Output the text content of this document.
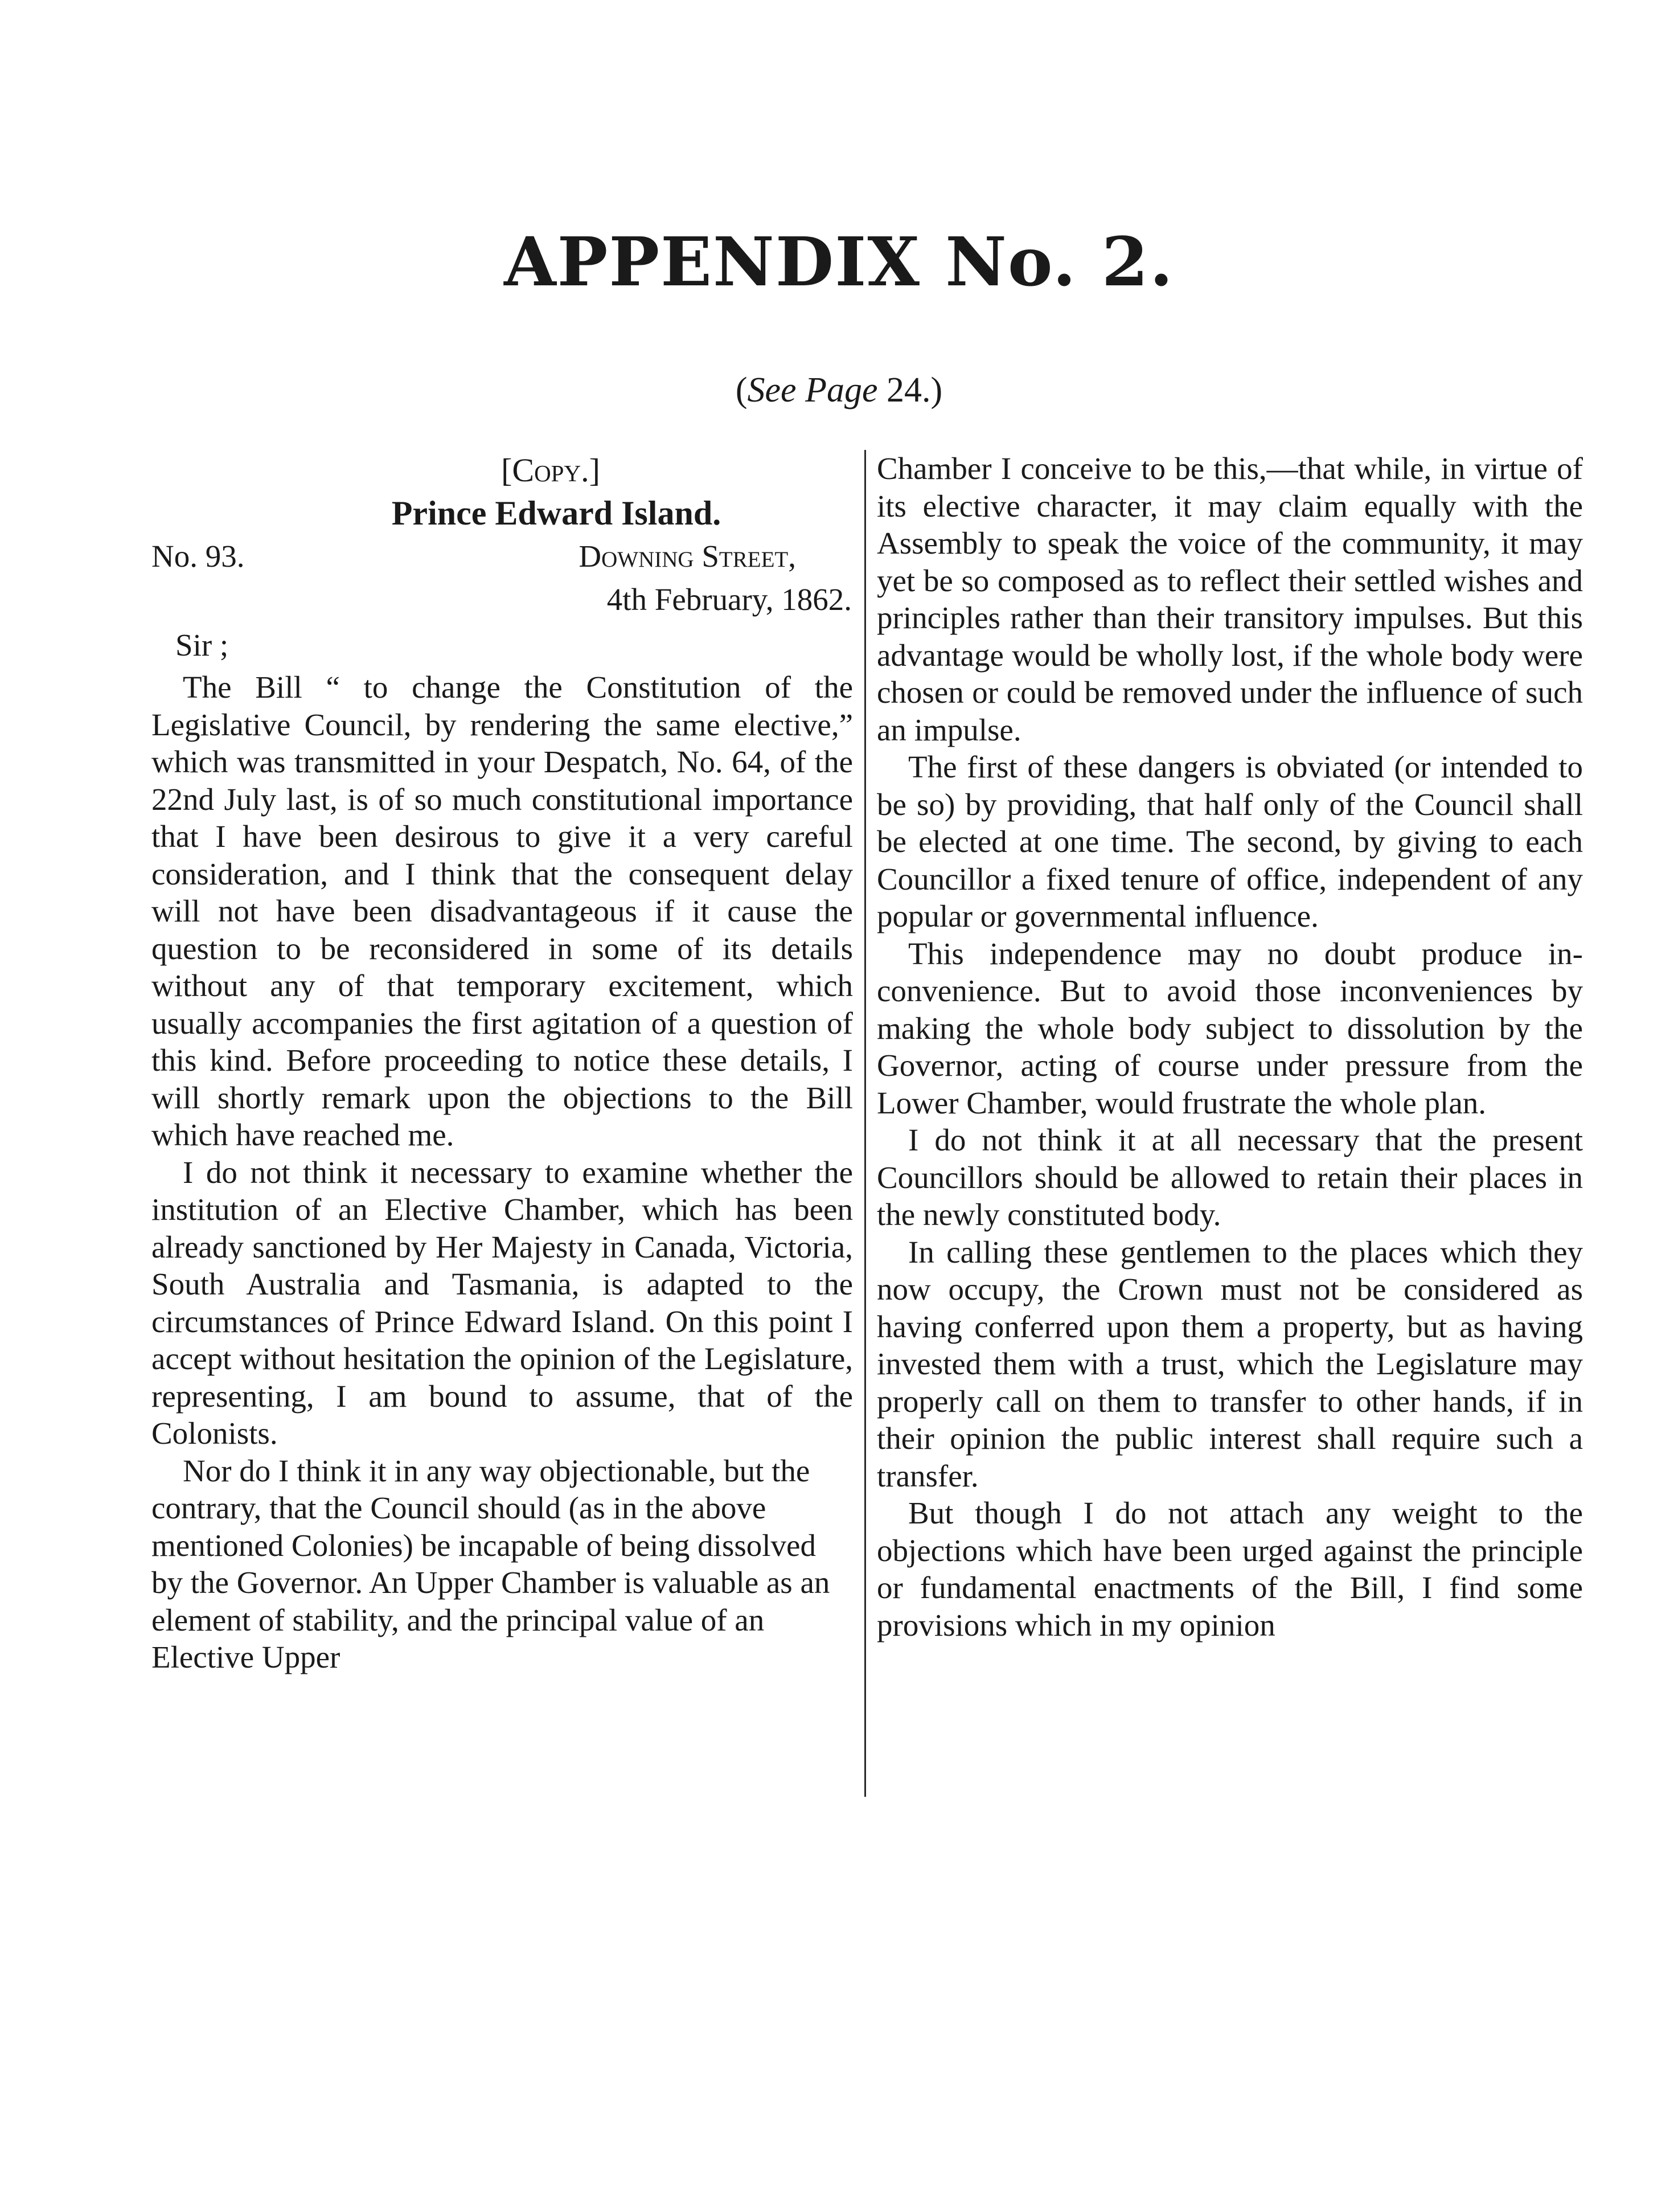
APPENDIX No. 2.

(See Page 24.)

[Copy.]

Prince Edward Island.

No. 93.	Downing Street,

4th February, 1862.

Sir ;

The Bill “ to change the Constitution of the Legislative Council, by rendering the same elective,” which was transmitted in your Despatch, No. 64, of the 22nd July last, is of so much constitutional importance that I have been desirous to give it a very careful consideration, and I think that the consequent delay will not have been disadvantageous if it cause the question to be reconsidered in some of its details without any of that temporary excitement, which usually accompanies the first agitation of a question of this kind. Before proceeding to notice these details, I will shortly remark upon the objections to the Bill which have reached me.

I do not think it necessary to examine whether the institution of an Elective Chamber, which has been already sanctioned by Her Majesty in Canada, Victoria, South Australia and Tasmania, is adapted to the circumstances of Prince Edward Island. On this point I accept without hesitation the opinion of the Legislature, representing, I am bound to assume, that of the Colonists.

Nor do I think it in any way objectionable, but the contrary, that the Council should (as in the above mentioned Colonies) be incapable of being dissolved by the Governor. An Upper Chamber is valuable as an element of stability, and the principal value of an Elective Upper

Chamber I conceive to be this,—that while, in virtue of its elective character, it may claim equally with the Assembly to speak the voice of the community, it may yet be so composed as to reflect their settled wishes and principles rather than their transitory impulses. But this advantage would be wholly lost, if the whole body were chosen or could be removed under the influence of such an impulse.

The first of these dangers is obviated (or intended to be so) by providing, that half only of the Council shall be elected at one time. The second, by giving to each Councillor a fixed tenure of office, independent of any popular or governmental influence.

This independence may no doubt produce inconvenience. But to avoid those inconveniences by making the whole body subject to dissolution by the Governor, acting of course under pressure from the Lower Chamber, would frustrate the whole plan.

I do not think it at all necessary that the present Councillors should be allowed to retain their places in the newly constituted body.

In calling these gentlemen to the places which they now occupy, the Crown must not be considered as having conferred upon them a property, but as having invested them with a trust, which the Legislature may properly call on them to transfer to other hands, if in their opinion the public interest shall require such a transfer.

But though I do not attach any weight to the objections which have been urged against the principle or fundamental enactments of the Bill, I find some provisions which in my opinion
